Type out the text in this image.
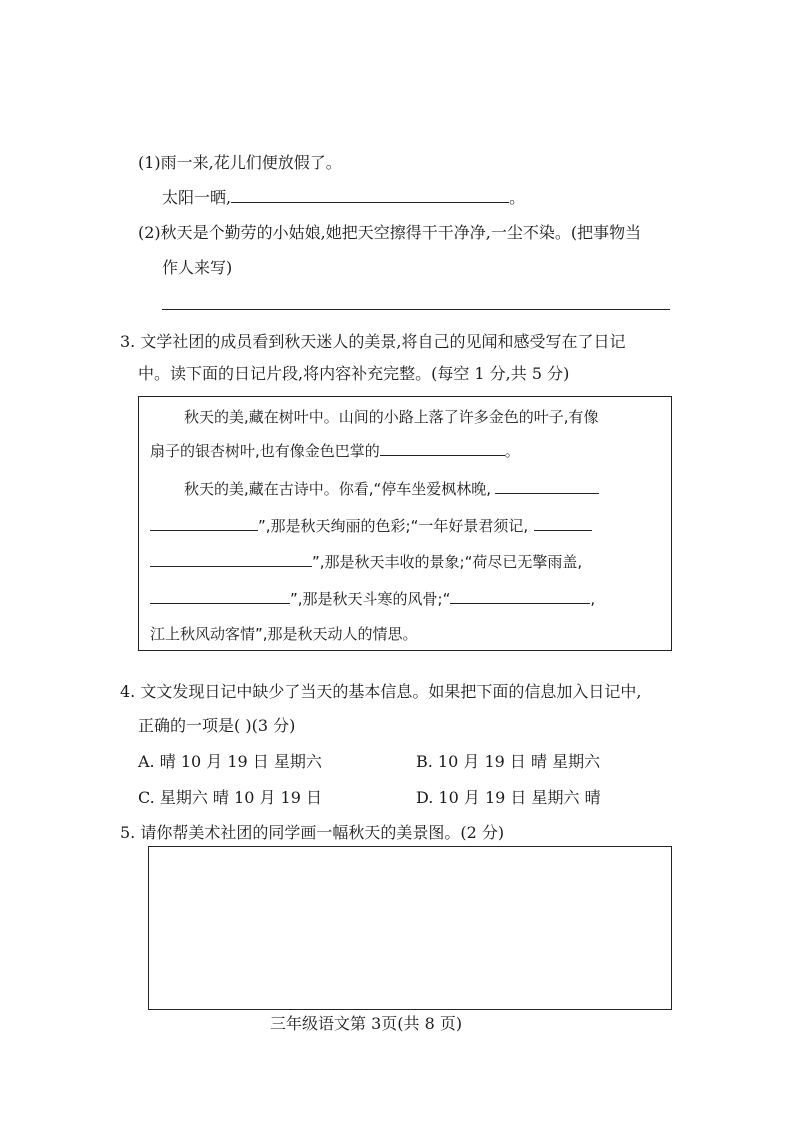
(1)雨一来,花儿们便放假了。
太阳一晒,	。
(2)秋天是个勤劳的小姑娘,她把天空擦得干干净净,一尘不染。(把事物当
作人来写)
3. 文学社团的成员看到秋天迷人的美景,将自己的见闻和感受写在了日记
中。读下面的日记片段,将内容补充完整。(每空 1 分,共 5 分)
秋天的美,藏在树叶中。山间的小路上落了许多金色的叶子,有像
扇子的银杏树叶,也有像金色巴掌的	。
秋天的美,藏在古诗中。你看,“停车坐爱枫林晚,
”,那是秋天绚丽的色彩;“一年好景君须记,
”,那是秋天丰收的景象;“荷尽已无擎雨盖,
”,那是秋天斗寒的风骨;“	,
江上秋风动客情”,那是秋天动人的情思。
4. 文文发现日记中缺少了当天的基本信息。如果把下面的信息加入日记中,
正确的一项是( )(3 分)
A. 晴 10 月 19 日 星期六	B. 10 月 19 日 晴 星期六
C. 星期六 晴 10 月 19 日	D. 10 月 19 日 星期六 晴
5. 请你帮美术社团的同学画一幅秋天的美景图。(2 分)
三年级语文第 3页(共 8 页)
